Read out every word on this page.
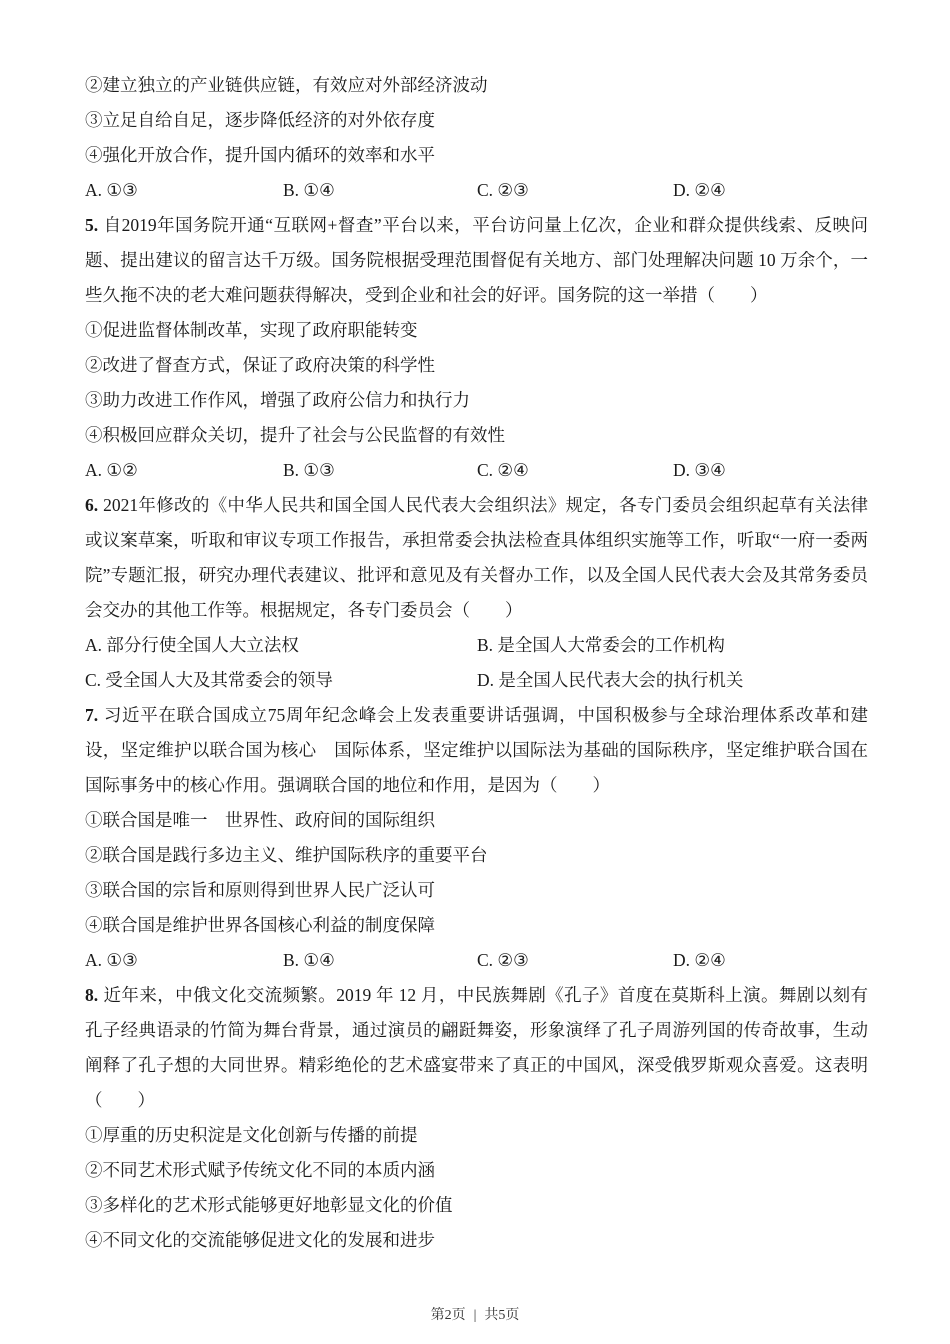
②建立独立的产业链供应链，有效应对外部经济波动
③立足自给自足，逐步降低经济的对外依存度
④强化开放合作，提升国内循环的效率和水平
A. ①③	B. ①④	C. ②③	D. ②④

5. 自2019年国务院开通“互联网+督查”平台以来，平台访问量上亿次，企业和群众提供线索、反映问题、提出建议的留言达千万级。国务院根据受理范围督促有关地方、部门处理解决问题 10 万余个，一些久拖不决的老大难问题获得解决，受到企业和社会的好评。国务院的这一举措（　　）

①促进监督体制改革，实现了政府职能转变
②改进了督查方式，保证了政府决策的科学性
③助力改进工作作风，增强了政府公信力和执行力
④积极回应群众关切，提升了社会与公民监督的有效性
A. ①②	B. ①③	C. ②④	D. ③④

6. 2021年修改的《中华人民共和国全国人民代表大会组织法》规定，各专门委员会组织起草有关法律或议案草案，听取和审议专项工作报告，承担常委会执法检查具体组织实施等工作，听取“一府一委两院”专题汇报，研究办理代表建议、批评和意见及有关督办工作，以及全国人民代表大会及其常务委员会交办的其他工作等。根据规定，各专门委员会（　　）

A. 部分行使全国人大立法权	B. 是全国人大常委会的工作机构
C. 受全国人大及其常委会的领导	D. 是全国人民代表大会的执行机关

7. 习近平在联合国成立75周年纪念峰会上发表重要讲话强调，中国积极参与全球治理体系改革和建设，坚定维护以联合国为核心　国际体系，坚定维护以国际法为基础的国际秩序，坚定维护联合国在国际事务中的核心作用。强调联合国的地位和作用，是因为（　　）

①联合国是唯一　世界性、政府间的国际组织
②联合国是践行多边主义、维护国际秩序的重要平台
③联合国的宗旨和原则得到世界人民广泛认可
④联合国是维护世界各国核心利益的制度保障
A. ①③	B. ①④	C. ②③	D. ②④

8. 近年来，中俄文化交流频繁。2019 年 12 月，中民族舞剧《孔子》首度在莫斯科上演。舞剧以刻有孔子经典语录的竹简为舞台背景，通过演员的翩跹舞姿，形象演绎了孔子周游列国的传奇故事，生动阐释了孔子想的大同世界。精彩绝伦的艺术盛宴带来了真正的中国风，深受俄罗斯观众喜爱。这表明（　　）

①厚重的历史积淀是文化创新与传播的前提
②不同艺术形式赋予传统文化不同的本质内涵
③多样化的艺术形式能够更好地彰显文化的价值
④不同文化的交流能够促进文化的发展和进步
第2页 | 共5页
